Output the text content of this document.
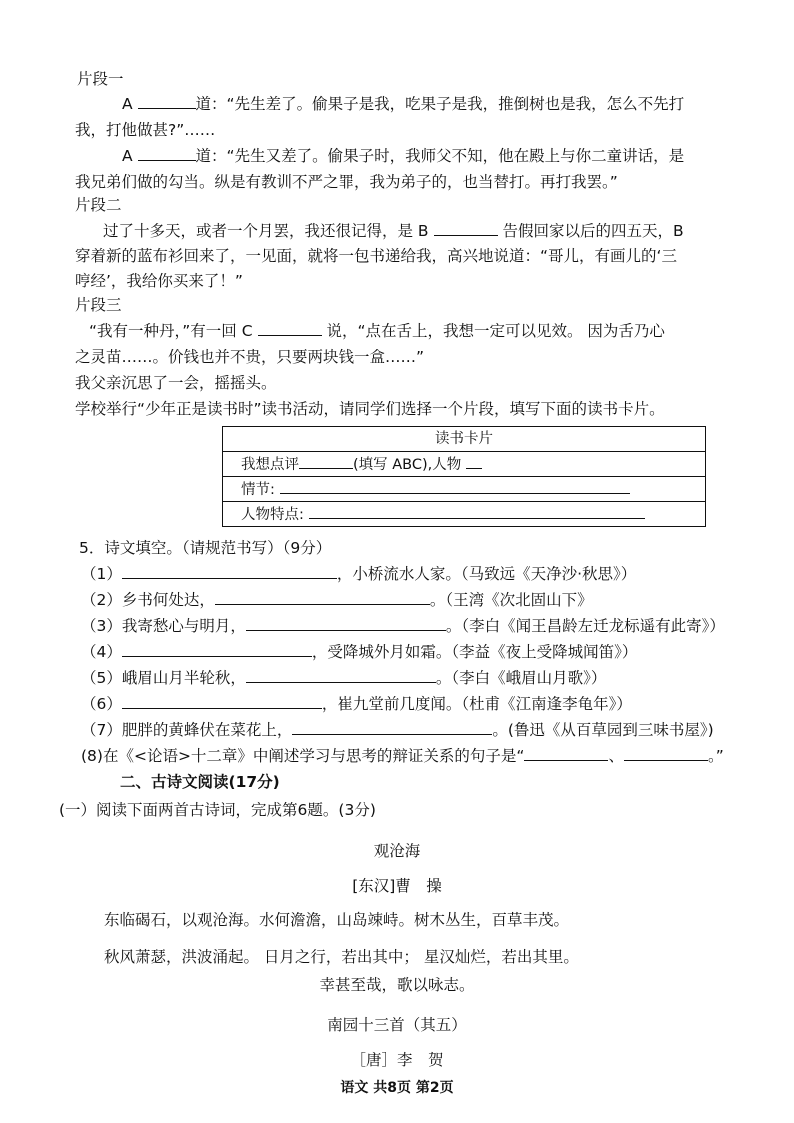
片段一
A	道：“先生差了。偷果子是我，吃果子是我，推倒树也是我，怎么不先打
我，打他做甚?”……
A	道：“先生又差了。偷果子时，我师父不知，他在殿上与你二童讲话，是
我兄弟们做的勾当。纵是有教训不严之罪，我为弟子的，也当替打。再打我罢。”
片段二
过了十多天，或者一个月罢，我还很记得，是 B	告假回家以后的四五天，B
穿着新的蓝布衫回来了，一见面，就将一包书递给我，高兴地说道：“哥儿，有画儿的‘三
哼经’，我给你买来了！”
片段三
“我有一种丹，”有一回 C	说，“点在舌上，我想一定可以见效。 因为舌乃心
之灵苗……。价钱也并不贵，只要两块钱一盒……”
我父亲沉思了一会，摇摇头。
学校举行“少年正是读书时”读书活动，请同学们选择一个片段，填写下面的读书卡片。
读书卡片
我想点评	(填写 ABC),人物
情节:
人物特点:
5．诗文填空。（请规范书写）（9分）
（1）	，小桥流水人家。（马致远《天净沙·秋思》）
（2）乡书何处达，	。（王湾《次北固山下》
（3）我寄愁心与明月，	。（李白《闻王昌龄左迁龙标遥有此寄》）
（4）	，受降城外月如霜。（李益《夜上受降城闻笛》）
（5）峨眉山月半轮秋，	。（李白《峨眉山月歌》）
（6）	，崔九堂前几度闻。（杜甫《江南逢李龟年》）
（7）肥胖的黄蜂伏在菜花上，	。(鲁迅《从百草园到三味书屋》)
(8)在《<论语>十二章》中阐述学习与思考的辩证关系的句子是“	、	。”
二、古诗文阅读(17分)
(一）阅读下面两首古诗词，完成第6题。(3分)
观沧海
[东汉]曹　操
东临碣石，以观沧海。水何澹澹，山岛竦峙。树木丛生，百草丰茂。
秋风萧瑟，洪波涌起。 日月之行，若出其中； 星汉灿烂，若出其里。
幸甚至哉，歌以咏志。
南园十三首（其五）
［唐］李　贺
语文 共8页 第2页
